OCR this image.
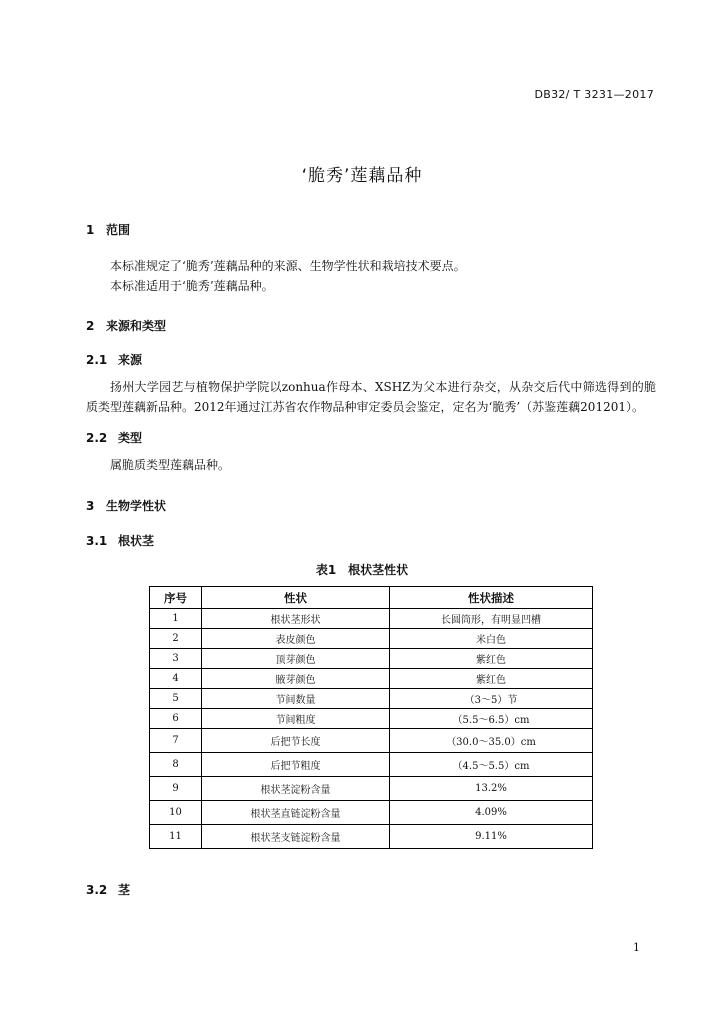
DB32/ T 3231—2017
‘脆秀’莲藕品种
1 范围

本标准规定了‘脆秀’莲藕品种的来源、生物学性状和栽培技术要点。

本标准适用于‘脆秀’莲藕品种。

2 来源和类型
2.1 来源

扬州大学园艺与植物保护学院以zonhua作母本、XSHZ为父本进行杂交，从杂交后代中筛选得到的脆质类型莲藕新品种。2012年通过江苏省农作物品种审定委员会鉴定，定名为‘脆秀’（苏鉴莲藕201201）。

2.2 类型

属脆质类型莲藕品种。

3 生物学性状
3.1 根状茎
表1　根状茎性状
序号	性状	性状描述
1	根状茎形状	长圆筒形，有明显凹槽
2	表皮颜色	米白色
3	顶芽颜色	紫红色
4	腋芽颜色	紫红色
5	节间数量	（3～5）节
6	节间粗度	（5.5～6.5）cm
7	后把节长度	（30.0～35.0）cm
8	后把节粗度	（4.5～5.5）cm
9	根状茎淀粉含量	13.2%
10	根状茎直链淀粉含量	4.09%
11	根状茎支链淀粉含量	9.11%
3.2 茎
1
